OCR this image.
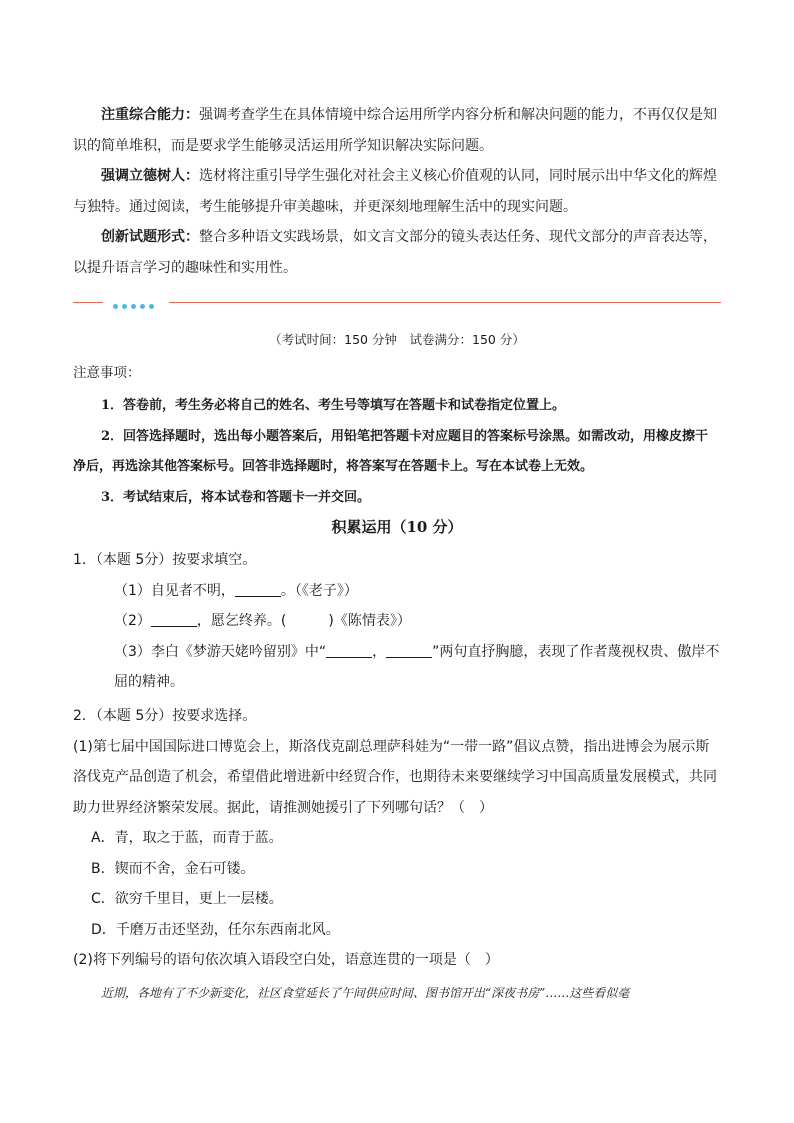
注重综合能力：强调考查学生在具体情境中综合运用所学内容分析和解决问题的能力，不再仅仅是知识的简单堆积，而是要求学生能够灵活运用所学知识解决实际问题。

强调立德树人：选材将注重引导学生强化对社会主义核心价值观的认同，同时展示出中华文化的辉煌与独特。通过阅读，考生能够提升审美趣味，并更深刻地理解生活中的现实问题。

创新试题形式：整合多种语文实践场景，如文言文部分的镜头表达任务、现代文部分的声音表达等，以提升语言学习的趣味性和实用性。

（考试时间：150 分钟　试卷满分：150 分）
注意事项：

1．答卷前，考生务必将自己的姓名、考生号等填写在答题卡和试卷指定位置上。

2．回答选择题时，选出每小题答案后，用铅笔把答题卡对应题目的答案标号涂黑。如需改动，用橡皮擦干净后，再选涂其他答案标号。回答非选择题时，将答案写在答题卡上。写在本试卷上无效。

3．考试结束后，将本试卷和答题卡一并交回。

积累运用（10 分）

1．（本题 5分）按要求填空。

（1）自见者不明，	。（《老子》）

（2）	，愿乞终养。(　　　)《陈情表》）

（3）李白《梦游天姥吟留别》中“	，	”两句直抒胸臆，表现了作者蔑视权贵、傲岸不屈的精神。

2．（本题 5分）按要求选择。

(1)第七届中国国际进口博览会上，斯洛伐克副总理萨科娃为“一带一路”倡议点赞，指出进博会为展示斯洛伐克产品创造了机会，希望借此增进新中经贸合作，也期待未来要继续学习中国高质量发展模式，共同助力世界经济繁荣发展。据此，请推测她援引了下列哪句话？（　）

A．青，取之于蓝，而青于蓝。

B．锲而不舍，金石可镂。

C．欲穷千里目，更上一层楼。

D．千磨万击还坚劲，任尔东西南北风。

(2)将下列编号的语句依次填入语段空白处，语意连贯的一项是（　）

近期，各地有了不少新变化，社区食堂延长了午间供应时间、图书馆开出“深夜书房”……这些看似毫
